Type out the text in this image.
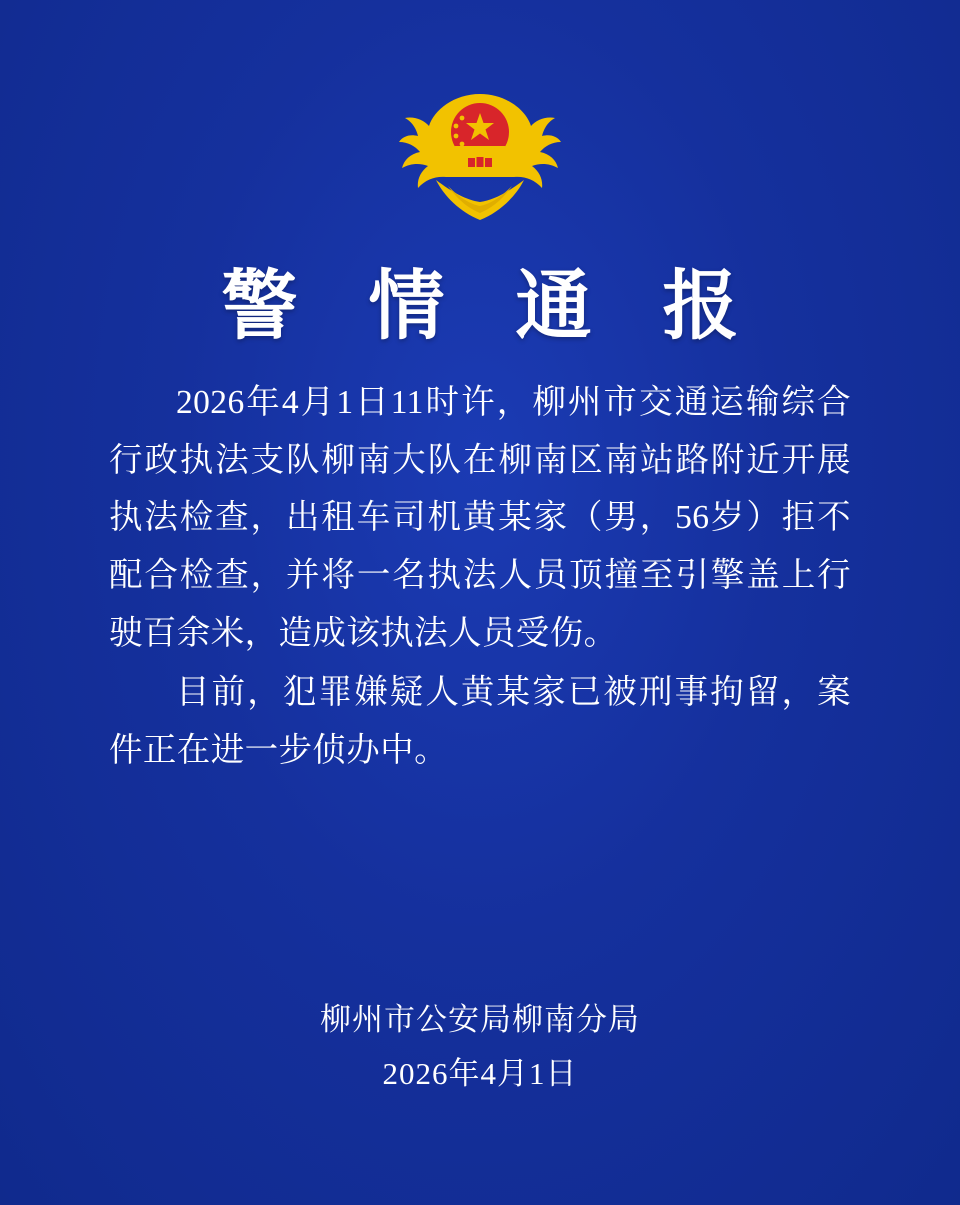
警 情 通 报

2026年4月1日11时许，柳州市交通运输综合行政执法支队柳南大队在柳南区南站路附近开展执法检查，出租车司机黄某家（男，56岁）拒不配合检查，并将一名执法人员顶撞至引擎盖上行驶百余米，造成该执法人员受伤。

目前，犯罪嫌疑人黄某家已被刑事拘留，案件正在进一步侦办中。

柳州市公安局柳南分局
2026年4月1日
